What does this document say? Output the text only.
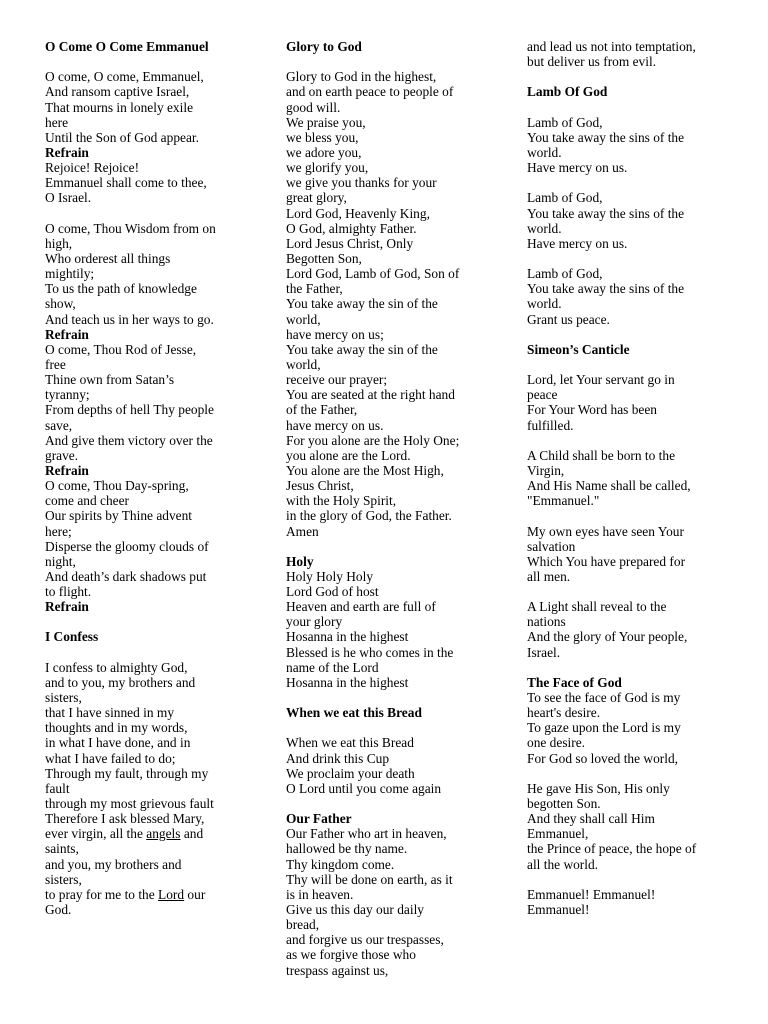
O Come O Come Emmanuel
O come, O come, Emmanuel,
And ransom captive Israel,
That mourns in lonely exile
here
Until the Son of God appear.
Refrain
Rejoice! Rejoice!
Emmanuel shall come to thee,
O Israel.
O come, Thou Wisdom from on
high,
Who orderest all things
mightily;
To us the path of knowledge
show,
And teach us in her ways to go.
Refrain
O come, Thou Rod of Jesse,
free
Thine own from Satan’s
tyranny;
From depths of hell Thy people
save,
And give them victory over the
grave.
Refrain
O come, Thou Day-spring,
come and cheer
Our spirits by Thine advent
here;
Disperse the gloomy clouds of
night,
And death’s dark shadows put
to flight.
Refrain
I Confess
I confess to almighty God,
and to you, my brothers and
sisters,
that I have sinned in my
thoughts and in my words,
in what I have done, and in
what I have failed to do;
Through my fault, through my
fault
through my most grievous fault
Therefore I ask blessed Mary,
ever virgin, all the angels and
saints,
and you, my brothers and
sisters,
to pray for me to the Lord our
God.
Glory to God
Glory to God in the highest,
and on earth peace to people of
good will.
We praise you,
we bless you,
we adore you,
we glorify you,
we give you thanks for your
great glory,
Lord God, Heavenly King,
O God, almighty Father.
Lord Jesus Christ, Only
Begotten Son,
Lord God, Lamb of God, Son of
the Father,
You take away the sin of the
world,
have mercy on us;
You take away the sin of the
world,
receive our prayer;
You are seated at the right hand
of the Father,
have mercy on us.
For you alone are the Holy One;
you alone are the Lord.
You alone are the Most High,
Jesus Christ,
with the Holy Spirit,
in the glory of God, the Father.
Amen
Holy
Holy Holy Holy
Lord God of host
Heaven and earth are full of
your glory
Hosanna in the highest
Blessed is he who comes in the
name of the Lord
Hosanna in the highest
When we eat this Bread
When we eat this Bread
And drink this Cup
We proclaim your death
O Lord until you come again
Our Father
Our Father who art in heaven,
hallowed be thy name.
Thy kingdom come.
Thy will be done on earth, as it
is in heaven.
Give us this day our daily
bread,
and forgive us our trespasses,
as we forgive those who
trespass against us,
and lead us not into temptation,
but deliver us from evil.
Lamb Of God
Lamb of God,
You take away the sins of the
world.
Have mercy on us.
Lamb of God,
You take away the sins of the
world.
Have mercy on us.
Lamb of God,
You take away the sins of the
world.
Grant us peace.
Simeon’s Canticle
Lord, let Your servant go in
peace
For Your Word has been
fulfilled.
A Child shall be born to the
Virgin,
And His Name shall be called,
"Emmanuel."
My own eyes have seen Your
salvation
Which You have prepared for
all men.
A Light shall reveal to the
nations
And the glory of Your people,
Israel.
The Face of God
To see the face of God is my
heart's desire.
To gaze upon the Lord is my
one desire.
For God so loved the world,
He gave His Son, His only
begotten Son.
And they shall call Him
Emmanuel,
the Prince of peace, the hope of
all the world.
Emmanuel! Emmanuel!
Emmanuel!
